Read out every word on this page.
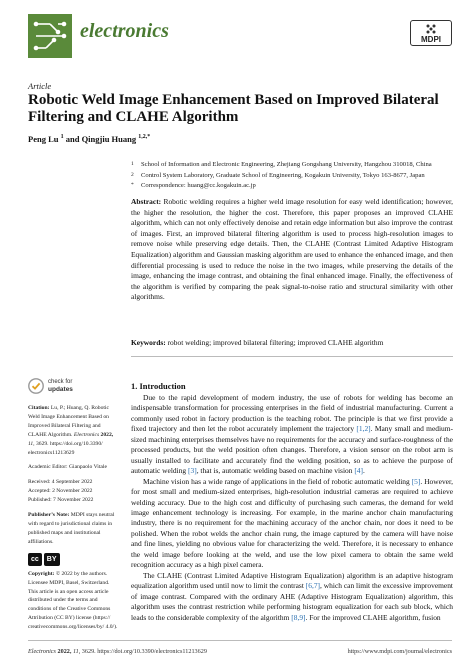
electronics	MDPI
Article
Robotic Weld Image Enhancement Based on Improved Bilateral Filtering and CLAHE Algorithm
Peng Lu $^1$ and Qingjiu Huang $^{1,2,*}$
1 School of Information and Electronic Engineering, Zhejiang Gongshang University, Hangzhou 310018, China
2 Control System Laboratory, Graduate School of Engineering, Kogakuin University, Tokyo 163-8677, Japan
* Correspondence: huang@cc.kogakuin.ac.jp
Abstract: Robotic welding requires a higher weld image resolution for easy weld identification; however, the higher the resolution, the higher the cost. Therefore, this paper proposes an improved CLAHE algorithm, which can not only effectively denoise and retain edge information but also improve the contrast of images. First, an improved bilateral filtering algorithm is used to process high-resolution images to remove noise while preserving edge details. Then, the CLAHE (Contrast Limited Adaptive Histogram Equalization) algorithm and Gaussian masking algorithm are used to enhance the enhanced image, and then differential processing is used to reduce the noise in the two images, while preserving the details of the image, enhancing the image contrast, and obtaining the final enhanced image. Finally, the effectiveness of the algorithm is verified by comparing the peak signal-to-noise ratio and structural similarity with other algorithms.
Keywords: robot welding; improved bilateral filtering; improved CLAHE algorithm
check for
updates
Citation: Lu, P.; Huang, Q. Robotic Weld Image Enhancement Based on Improved Bilateral Filtering and CLAHE Algorithm. Electronics 2022, 11, 3629. https://doi.org/10.3390/ electronics11213629
Academic Editor: Gianpaolo Vitale
Received: 4 September 2022
Accepted: 2 November 2022
Published: 7 November 2022
Publisher’s Note: MDPI stays neutral with regard to jurisdictional claims in published maps and institutional affiliations.
cc	BY
Copyright: © 2022 by the authors. Licensee MDPI, Basel, Switzerland. This article is an open access article distributed under the terms and conditions of the Creative Commons Attribution (CC BY) license (https:// creativecommons.org/licenses/by/ 4.0/).
1. Introduction

Due to the rapid development of modern industry, the use of robots for welding has become an indispensable transformation for processing enterprises in the field of industrial manufacturing. Current a commonly used robot in factory production is the teaching robot. The principle is that we first provide a fixed trajectory and then let the robot accurately implement the trajectory [1,2]. Many small and medium-sized machining enterprises themselves have no requirements for the accuracy and surface-roughness of the processed products, but the weld position often changes. Therefore, a vision sensor on the robot arm is usually installed to facilitate and accurately find the welding position, so as to achieve the purpose of automatic welding [3], that is, automatic welding based on machine vision [4].

Machine vision has a wide range of applications in the field of robotic automatic welding [5]. However, for most small and medium-sized enterprises, high-resolution industrial cameras are required to achieve welding accuracy. Due to the high cost and difficulty of purchasing such cameras, the demand for weld image enhancement technology is increasing. For example, in the marine anchor chain manufacturing industry, there is no requirement for the machining accuracy of the anchor chain, nor does it need to be polished. When the robot welds the anchor chain rung, the image captured by the camera will have noise and fine lines, yielding no obvious value for characterizing the weld. Therefore, it is necessary to enhance the weld image before looking at the weld, and use the low pixel camera to obtain the same weld recognition accuracy as a high pixel camera.

The CLAHE (Contrast Limited Adaptive Histogram Equalization) algorithm is an adaptive histogram equalization algorithm used until now to limit the contrast [6,7], which can limit the excessive improvement of image contrast. Compared with the ordinary AHE (Adaptive Histogram Equalization) algorithm, this algorithm uses the contrast restriction while performing histogram equalization for each sub block, which leads to the considerable complexity of the algorithm [8,9]. For the improved CLAHE algorithm, fusion

Electronics 2022, 11, 3629. https://doi.org/10.3390/electronics11213629	https://www.mdpi.com/journal/electronics
